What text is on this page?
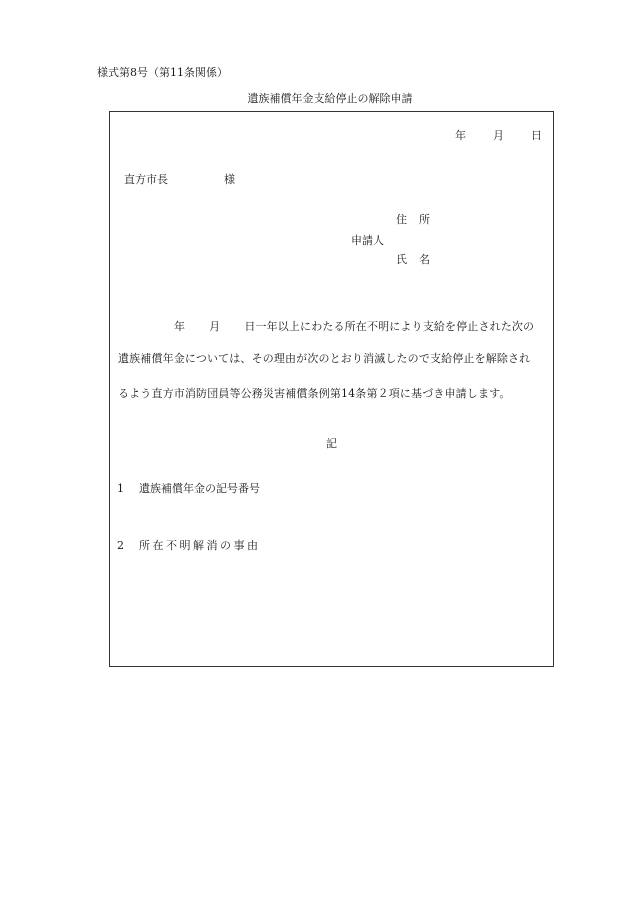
様式第8号（第11条関係）
遺族補償年金支給停止の解除申請
年 月 日
直方市長	様
住 所
申請人
氏 名
年 月 日一年以上にわたる所在不明により支給を停止された次の
遺族補償年金については、その理由が次のとおり消滅したので支給停止を解除され
るよう直方市消防団員等公務災害補償条例第14条第２項に基づき申請します。
記
1 遺族補償年金の記号番号
2 所在不明解消の事由
